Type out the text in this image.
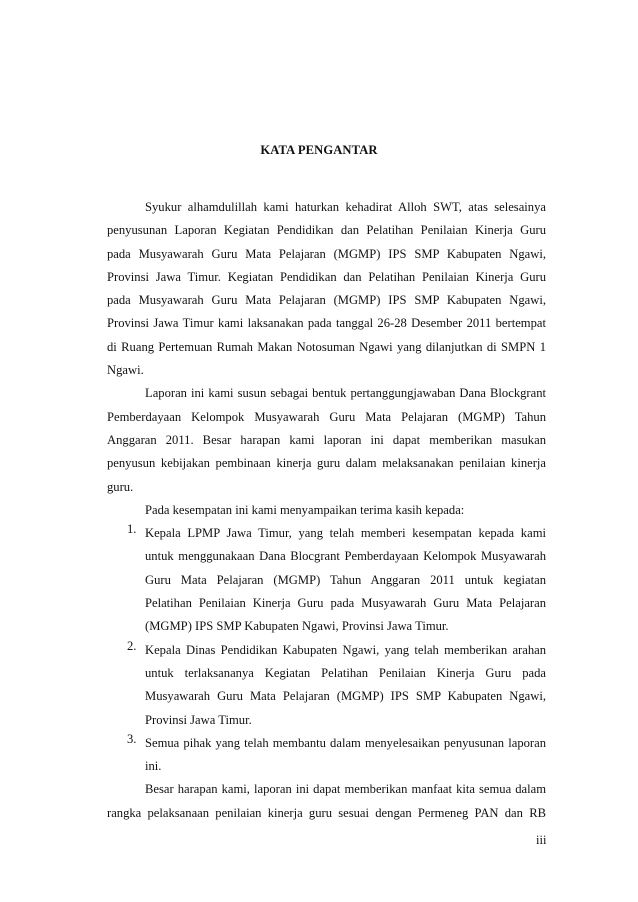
KATA PENGANTAR
Syukur alhamdulillah kami haturkan kehadirat Alloh SWT, atas selesainya
penyusunan Laporan Kegiatan Pendidikan dan Pelatihan Penilaian Kinerja Guru
pada Musyawarah Guru Mata Pelajaran (MGMP) IPS SMP Kabupaten Ngawi,
Provinsi Jawa Timur. Kegiatan Pendidikan dan Pelatihan Penilaian Kinerja Guru
pada Musyawarah Guru Mata Pelajaran (MGMP) IPS SMP Kabupaten Ngawi,
Provinsi Jawa Timur kami laksanakan pada tanggal 26-28 Desember 2011 bertempat
di Ruang Pertemuan Rumah Makan Notosuman Ngawi yang dilanjutkan di SMPN 1
Ngawi.
Laporan ini kami susun sebagai bentuk pertanggungjawaban Dana Blockgrant
Pemberdayaan Kelompok Musyawarah Guru Mata Pelajaran (MGMP) Tahun
Anggaran 2011. Besar harapan kami laporan ini dapat memberikan masukan
penyusun kebijakan pembinaan kinerja guru dalam melaksanakan penilaian kinerja
guru.
Pada kesempatan ini kami menyampaikan terima kasih kepada:
1. Kepala LPMP Jawa Timur, yang telah memberi kesempatan kepada kami
untuk menggunakaan Dana Blocgrant Pemberdayaan Kelompok Musyawarah
Guru Mata Pelajaran (MGMP) Tahun Anggaran 2011 untuk kegiatan
Pelatihan Penilaian Kinerja Guru pada Musyawarah Guru Mata Pelajaran
(MGMP) IPS SMP Kabupaten Ngawi, Provinsi Jawa Timur.
2. Kepala Dinas Pendidikan Kabupaten Ngawi, yang telah memberikan arahan
untuk terlaksananya Kegiatan Pelatihan Penilaian Kinerja Guru pada
Musyawarah Guru Mata Pelajaran (MGMP) IPS SMP Kabupaten Ngawi,
Provinsi Jawa Timur.
3. Semua pihak yang telah membantu dalam menyelesaikan penyusunan laporan
ini.
Besar harapan kami, laporan ini dapat memberikan manfaat kita semua dalam
rangka pelaksanaan penilaian kinerja guru sesuai dengan Permeneg PAN dan RB
iii
